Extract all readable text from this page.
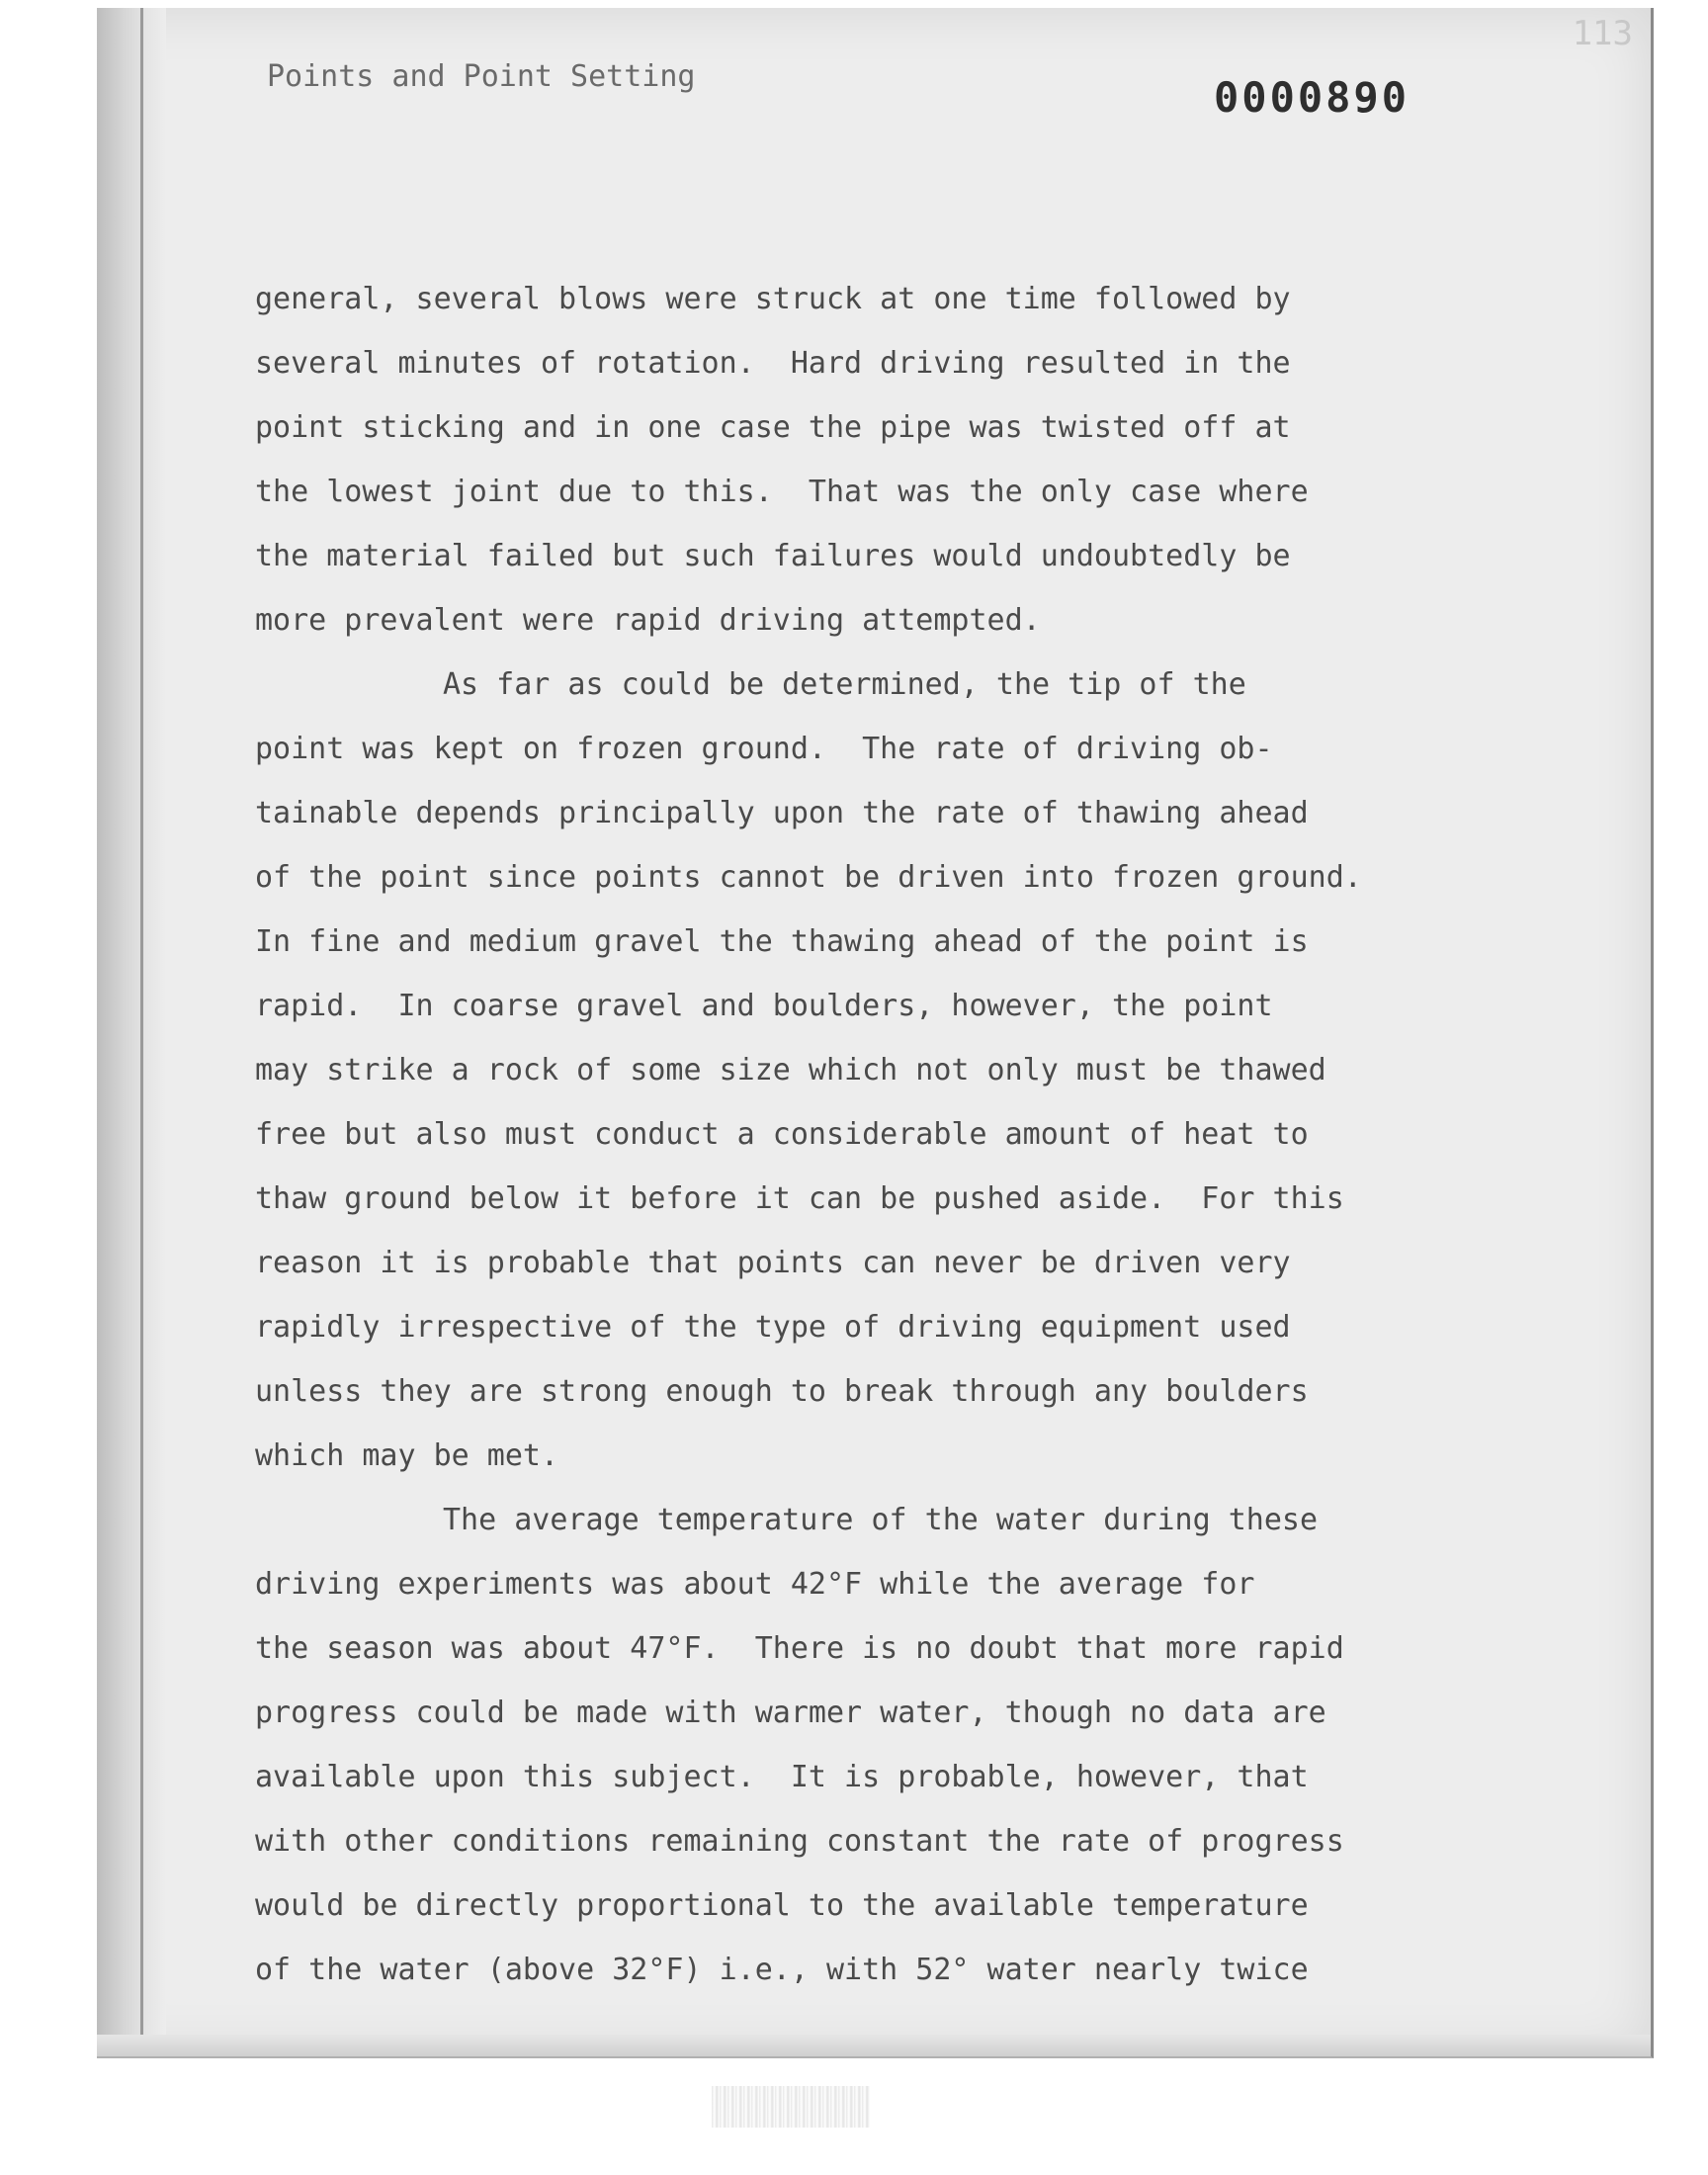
113
Points and Point Setting	0000890
general, several blows were struck at one time followed by
several minutes of rotation.  Hard driving resulted in the
point sticking and in one case the pipe was twisted off at
the lowest joint due to this.  That was the only case where
the material failed but such failures would undoubtedly be
more prevalent were rapid driving attempted.
As far as could be determined, the tip of the
point was kept on frozen ground.  The rate of driving ob-
tainable depends principally upon the rate of thawing ahead
of the point since points cannot be driven into frozen ground.
In fine and medium gravel the thawing ahead of the point is
rapid.  In coarse gravel and boulders, however, the point
may strike a rock of some size which not only must be thawed
free but also must conduct a considerable amount of heat to
thaw ground below it before it can be pushed aside.  For this
reason it is probable that points can never be driven very
rapidly irrespective of the type of driving equipment used
unless they are strong enough to break through any boulders
which may be met.
The average temperature of the water during these
driving experiments was about 42°F while the average for
the season was about 47°F.  There is no doubt that more rapid
progress could be made with warmer water, though no data are
available upon this subject.  It is probable, however, that
with other conditions remaining constant the rate of progress
would be directly proportional to the available temperature
of the water (above 32°F) i.e., with 52° water nearly twice
